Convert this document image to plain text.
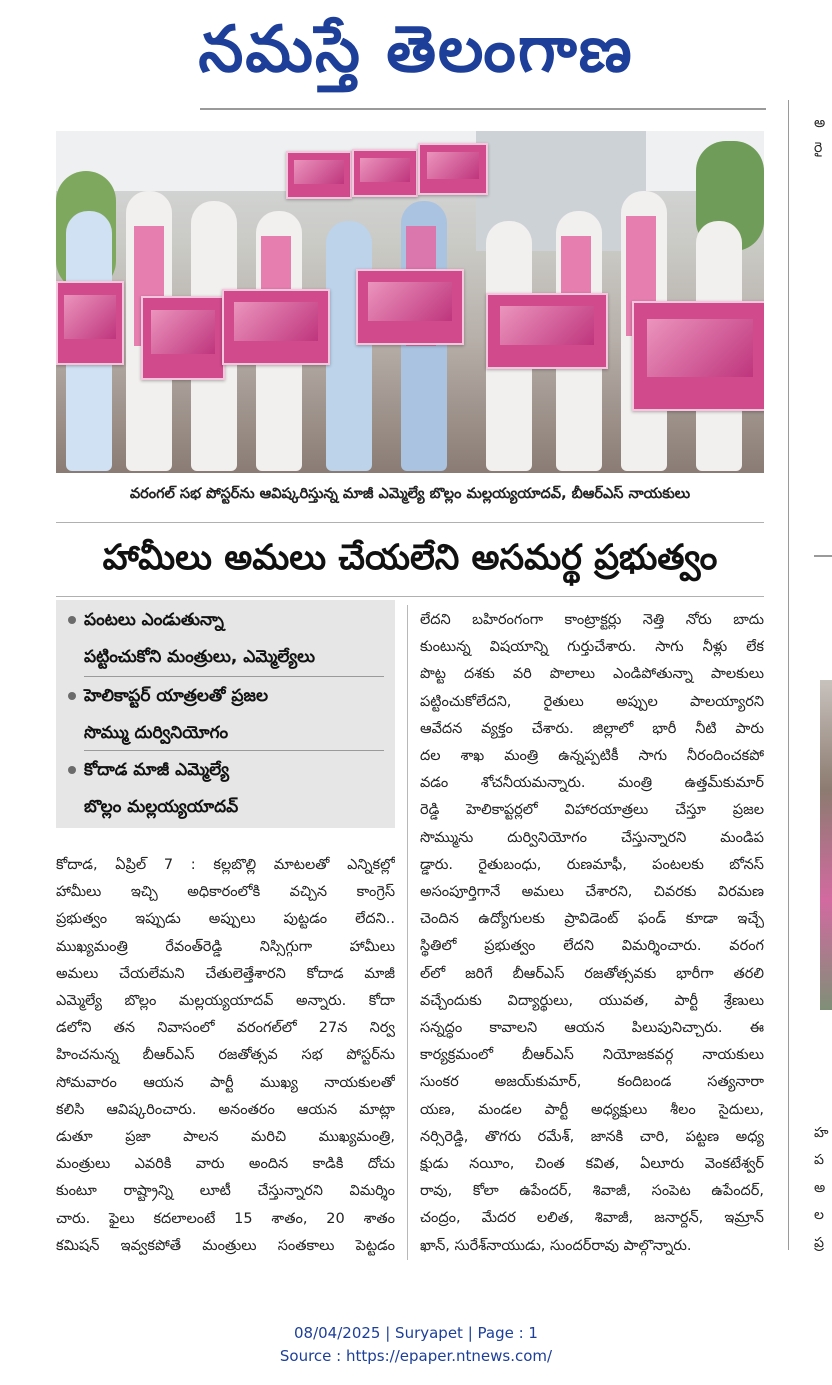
నమస్తే తెలంగాణ
అ
రై
హ
ప
అ
ల
ప్ర
వరంగల్ సభ పోస్టర్‌ను ఆవిష్కరిస్తున్న మాజీ ఎమ్మెల్యే బొల్లం మల్లయ్యయాదవ్, బీఆర్ఎస్ నాయకులు
హామీలు అమలు చేయలేని అసమర్థ ప్రభుత్వం
పంటలు ఎండుతున్నా
పట్టించుకోని మంత్రులు, ఎమ్మెల్యేలు
హెలికాప్టర్ యాత్రలతో ప్రజల
సొమ్ము దుర్వినియోగం
కోదాడ మాజీ ఎమ్మెల్యే
బొల్లం మల్లయ్యయాదవ్

కోదాడ, ఏప్రిల్ 7 : కల్లబొల్లి మాటలతో ఎన్నికల్లో

హామీలు ఇచ్చి అధికారంలోకి వచ్చిన కాంగ్రెస్

ప్రభుత్వం ఇప్పుడు అప్పులు పుట్టడం లేదని..

ముఖ్యమంత్రి రేవంత్‌రెడ్డి నిస్సిగ్గుగా హామీలు

అమలు చేయలేమని చేతులెత్తేశారని కోదాడ మాజీ

ఎమ్మెల్యే బొల్లం మల్లయ్యయాదవ్ అన్నారు. కోదా

డలోని తన నివాసంలో వరంగల్‌లో 27న నిర్వ

హించనున్న బీఆర్ఎస్ రజతోత్సవ సభ పోస్టర్‌ను

సోమవారం ఆయన పార్టీ ముఖ్య నాయకులతో

కలిసి ఆవిష్కరించారు. అనంతరం ఆయన మాట్లా

డుతూ ప్రజా పాలన మరిచి ముఖ్యమంత్రి,

మంత్రులు ఎవరికి వారు అందిన కాడికి దోచు

కుంటూ రాష్ట్రాన్ని లూటీ చేస్తున్నారని విమర్శిం

చారు. ఫైలు కదలాలంటే 15 శాతం, 20 శాతం

కమిషన్ ఇవ్వకపోతే మంత్రులు సంతకాలు పెట్టడం

లేదని బహిరంగంగా కాంట్రాక్టర్లు నెత్తి నోరు బాదు

కుంటున్న విషయాన్ని గుర్తుచేశారు. సాగు నీళ్లు లేక

పొట్ట దశకు వరి పొలాలు ఎండిపోతున్నా పాలకులు

పట్టించుకోలేదని, రైతులు అప్పుల పాలయ్యారని

ఆవేదన వ్యక్తం చేశారు. జిల్లాలో భారీ నీటి పారు

దల శాఖ మంత్రి ఉన్నప్పటికీ సాగు నీరందించకపో

వడం శోచనీయమన్నారు. మంత్రి ఉత్తమ్‌కుమార్

రెడ్డి హెలికాప్టర్లలో విహారయాత్రలు చేస్తూ ప్రజల

సొమ్మును దుర్వినియోగం చేస్తున్నారని మండిప

డ్డారు. రైతుబంధు, రుణమాఫీ, పంటలకు బోనస్

అసంపూర్తిగానే అమలు చేశారని, చివరకు విరమణ

చెందిన ఉద్యోగులకు ప్రావిడెంట్ ఫండ్ కూడా ఇచ్చే

స్థితిలో ప్రభుత్వం లేదని విమర్శించారు. వరంగ

ల్‌లో జరిగే బీఆర్ఎస్ రజతోత్సవకు భారీగా తరలి

వచ్చేందుకు విద్యార్థులు, యువత, పార్టీ శ్రేణులు

సన్నద్ధం కావాలని ఆయన పిలుపునిచ్చారు. ఈ

కార్యక్రమంలో బీఆర్ఎస్ నియోజకవర్గ నాయకులు

సుంకర అజయ్‌కుమార్, కందిబండ సత్యనారా

యణ, మండల పార్టీ అధ్యక్షులు శీలం సైదులు,

నర్సిరెడ్డి, తొగరు రమేశ్, జానకి చారి, పట్టణ అధ్య

క్షుడు నయీం, చింత కవిత, ఏలూరు వెంకటేశ్వర్

రావు, కోలా ఉపేందర్, శివాజీ, సంపెట ఉపేందర్,

చంద్రం, మేదర లలిత, శివాజీ, జనార్దన్, ఇమ్రాన్

ఖాన్, సురేశ్‌నాయుడు, సుందర్‌రావు పాల్గొన్నారు.

08/04/2025 | Suryapet | Page : 1
Source : https://epaper.ntnews.com/
